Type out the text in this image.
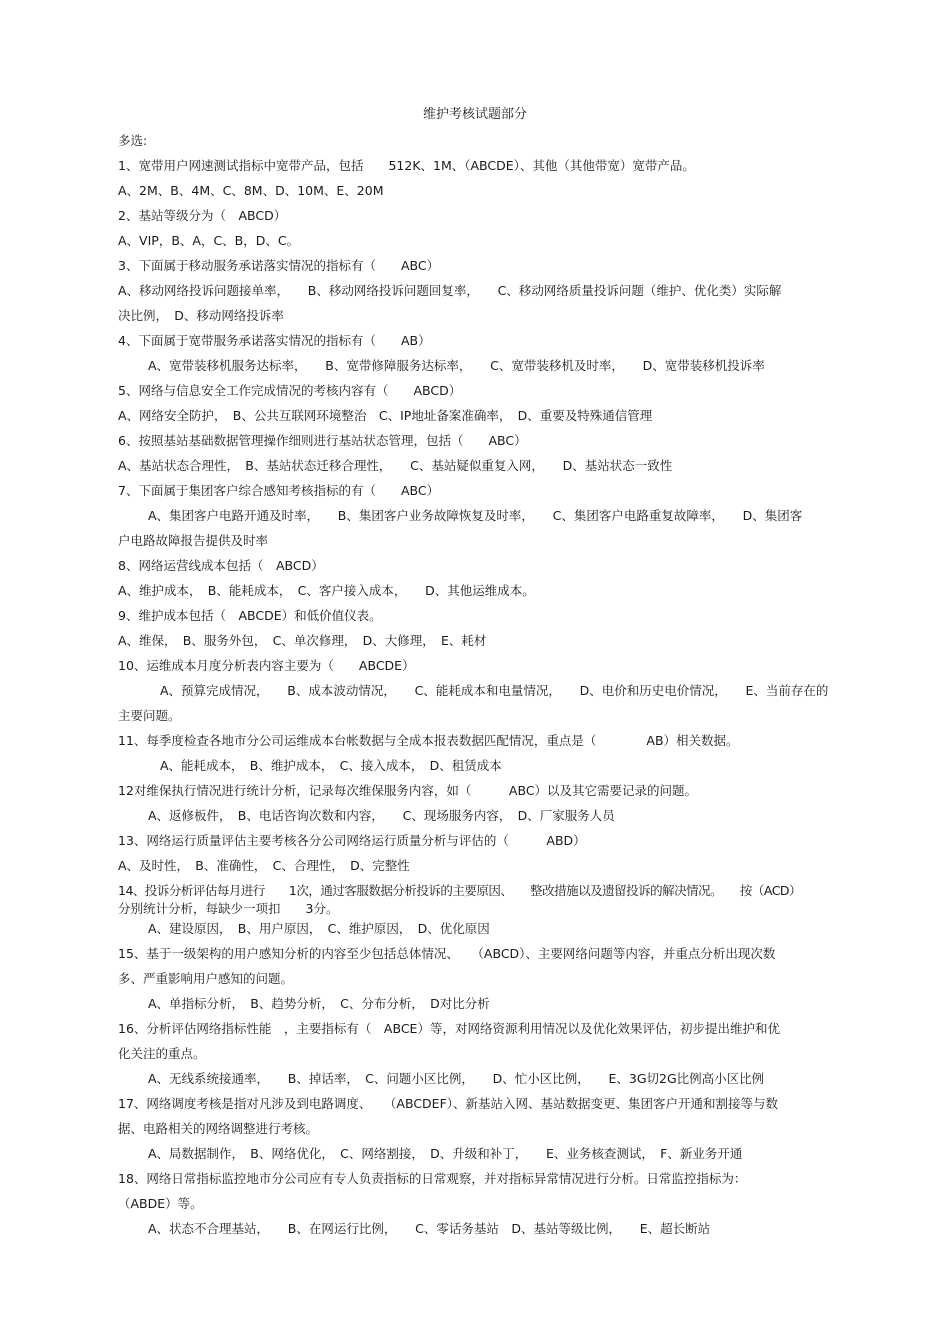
维护考核试题部分
多选:
1、宽带用户网速测试指标中宽带产品，包括　　512K、1M、（ABCDE）、其他（其他带宽）宽带产品。
A、2M、B、4M、C、8M、D、10M、E、20M
2、基站等级分为（　ABCD）
A、VIP，B、A，C、B，D、C。
3、下面属于移动服务承诺落实情况的指标有（　　ABC）
A、移动网络投诉问题接单率，　　B、移动网络投诉问题回复率，　　C、移动网络质量投诉问题（维护、优化类）实际解
决比例，　D、移动网络投诉率
4、下面属于宽带服务承诺落实情况的指标有（　　AB）
A、宽带装移机服务达标率，　　B、宽带修障服务达标率，　　C、宽带装移机及时率，　　D、宽带装移机投诉率
5、网络与信息安全工作完成情况的考核内容有（　　ABCD）
A、网络安全防护，　B、公共互联网环境整治　C、IP地址备案准确率，　D、重要及特殊通信管理
6、按照基站基础数据管理操作细则进行基站状态管理，包括（　　ABC）
A、基站状态合理性，　B、基站状态迁移合理性，　　C、基站疑似重复入网，　　D、基站状态一致性
7、下面属于集团客户综合感知考核指标的有（　　ABC）
A、集团客户电路开通及时率，　　B、集团客户业务故障恢复及时率，　　C、集团客户电路重复故障率，　　D、集团客
户电路故障报告提供及时率
8、网络运营线成本包括（　ABCD）
A、维护成本，　B、能耗成本，　C、客户接入成本，　　D、其他运维成本。
9、维护成本包括（　ABCDE）和低价值仪表。
A、维保，　B、服务外包，　C、单次修理，　D、大修理，　E、耗材
10、运维成本月度分析表内容主要为（　　ABCDE）
A、预算完成情况，　　B、成本波动情况，　　C、能耗成本和电量情况，　　D、电价和历史电价情况，　　E、当前存在的
主要问题。
11、每季度检查各地市分公司运维成本台帐数据与全成本报表数据匹配情况，重点是（　　　　AB）相关数据。
A、能耗成本，　B、维护成本，　C、接入成本，　D、租赁成本
12对维保执行情况进行统计分析，记录每次维保服务内容，如（　　　ABC）以及其它需要记录的问题。
A、返修板件，　B、电话咨询次数和内容，　　C、现场服务内容，　D、厂家服务人员
13、网络运行质量评估主要考核各分公司网络运行质量分析与评估的（　　　ABD）
A、及时性，　B、准确性，　C、合理性，　D、完整性
14、投诉分析评估每月进行　　1次，通过客服数据分析投诉的主要原因、　　整改措施以及遗留投诉的解决情况。　　按（ACD）
分别统计分析，每缺少一项扣　　3分。
A、建设原因，　B、用户原因，　C、维护原因，　D、优化原因
15、基于一级架构的用户感知分析的内容至少包括总体情况、　　（ABCD）、主要网络问题等内容，并重点分析出现次数
多、严重影响用户感知的问题。
A、单指标分析，　B、趋势分析，　C、分布分析，　D对比分析
16、分析评估网络指标性能　，主要指标有（　ABCE）等，对网络资源利用情况以及优化效果评估，初步提出维护和优
化关注的重点。
A、无线系统接通率，　　B、掉话率，　C、问题小区比例，　　D、忙小区比例，　　E、3G切2G比例高小区比例
17、网络调度考核是指对凡涉及到电路调度、　　（ABCDEF）、新基站入网、基站数据变更、集团客户开通和割接等与数
据、电路相关的网络调整进行考核。
A、局数据制作，　B、网络优化，　C、网络割接，　D、升级和补丁，　　E、业务核查测试，　F、新业务开通
18、网络日常指标监控地市分公司应有专人负责指标的日常观察，并对指标异常情况进行分析。日常监控指标为：
（ABDE）等。
A、状态不合理基站，　　B、在网运行比例，　　C、零话务基站　D、基站等级比例，　　E、超长断站
